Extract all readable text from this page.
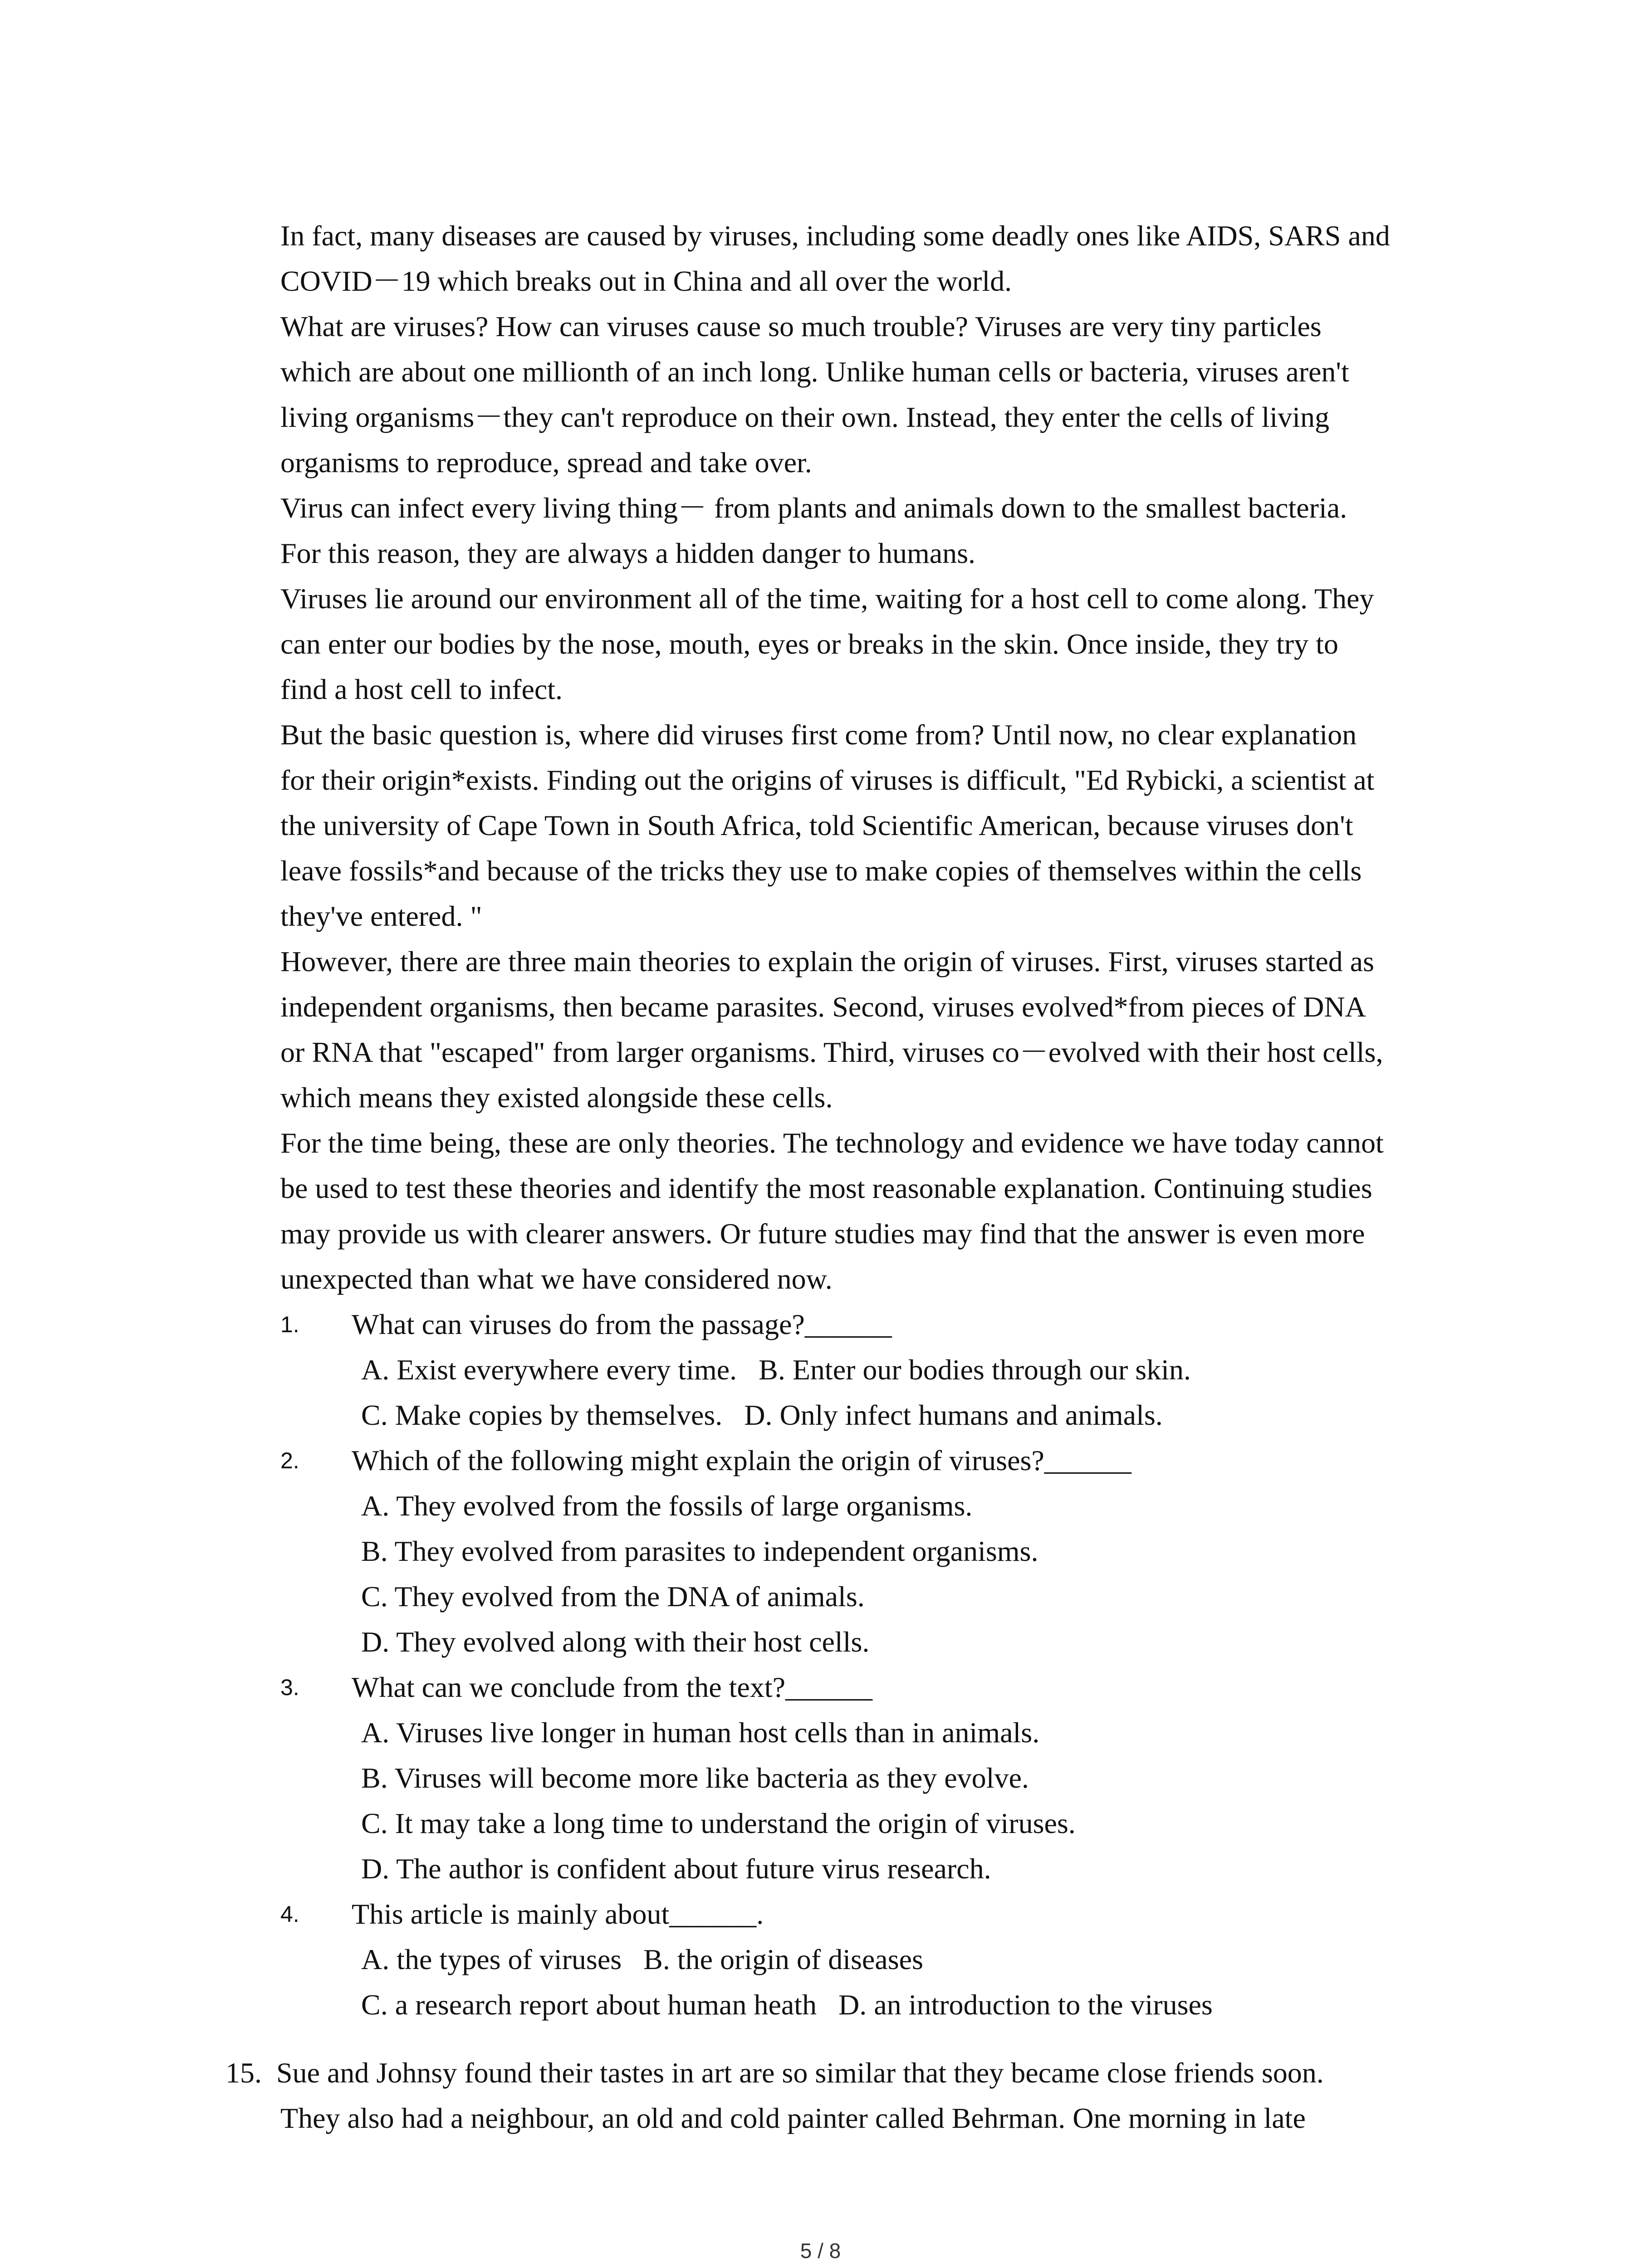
In fact, many diseases are caused by viruses, including some deadly ones like AIDS, SARS and
COVID－19 which breaks out in China and all over the world.
What are viruses? How can viruses cause so much trouble? Viruses are very tiny particles
which are about one millionth of an inch long. Unlike human cells or bacteria, viruses aren't
living organisms－they can't reproduce on their own. Instead, they enter the cells of living
organisms to reproduce, spread and take over.
Virus can infect every living thing－ from plants and animals down to the smallest bacteria.
For this reason, they are always a hidden danger to humans.
Viruses lie around our environment all of the time, waiting for a host cell to come along. They
can enter our bodies by the nose, mouth, eyes or breaks in the skin. Once inside, they try to
find a host cell to infect.
But the basic question is, where did viruses first come from? Until now, no clear explanation
for their origin*exists. Finding out the origins of viruses is difficult, "Ed Rybicki, a scientist at
the university of Cape Town in South Africa, told Scientific American, because viruses don't
leave fossils*and because of the tricks they use to make copies of themselves within the cells
they've entered. "
However, there are three main theories to explain the origin of viruses. First, viruses started as
independent organisms, then became parasites. Second, viruses evolved*from pieces of DNA
or RNA that "escaped" from larger organisms. Third, viruses co－evolved with their host cells,
which means they existed alongside these cells.
For the time being, these are only theories. The technology and evidence we have today cannot
be used to test these theories and identify the most reasonable explanation. Continuing studies
may provide us with clearer answers. Or future studies may find that the answer is even more
unexpected than what we have considered now.
1. What can viruses do from the passage?______
A. Exist everywhere every time.   B. Enter our bodies through our skin.
C. Make copies by themselves.   D. Only infect humans and animals.
2. Which of the following might explain the origin of viruses?______
A. They evolved from the fossils of large organisms.
B. They evolved from parasites to independent organisms.
C. They evolved from the DNA of animals.
D. They evolved along with their host cells.
3. What can we conclude from the text?______
A. Viruses live longer in human host cells than in animals.
B. Viruses will become more like bacteria as they evolve.
C. It may take a long time to understand the origin of viruses.
D. The author is confident about future virus research.
4. This article is mainly about______.
A. the types of viruses   B. the origin of diseases
C. a research report about human heath   D. an introduction to the viruses
15.  Sue and Johnsy found their tastes in art are so similar that they became close friends soon.
They also had a neighbour, an old and cold painter called Behrman. One morning in late
5 / 8
